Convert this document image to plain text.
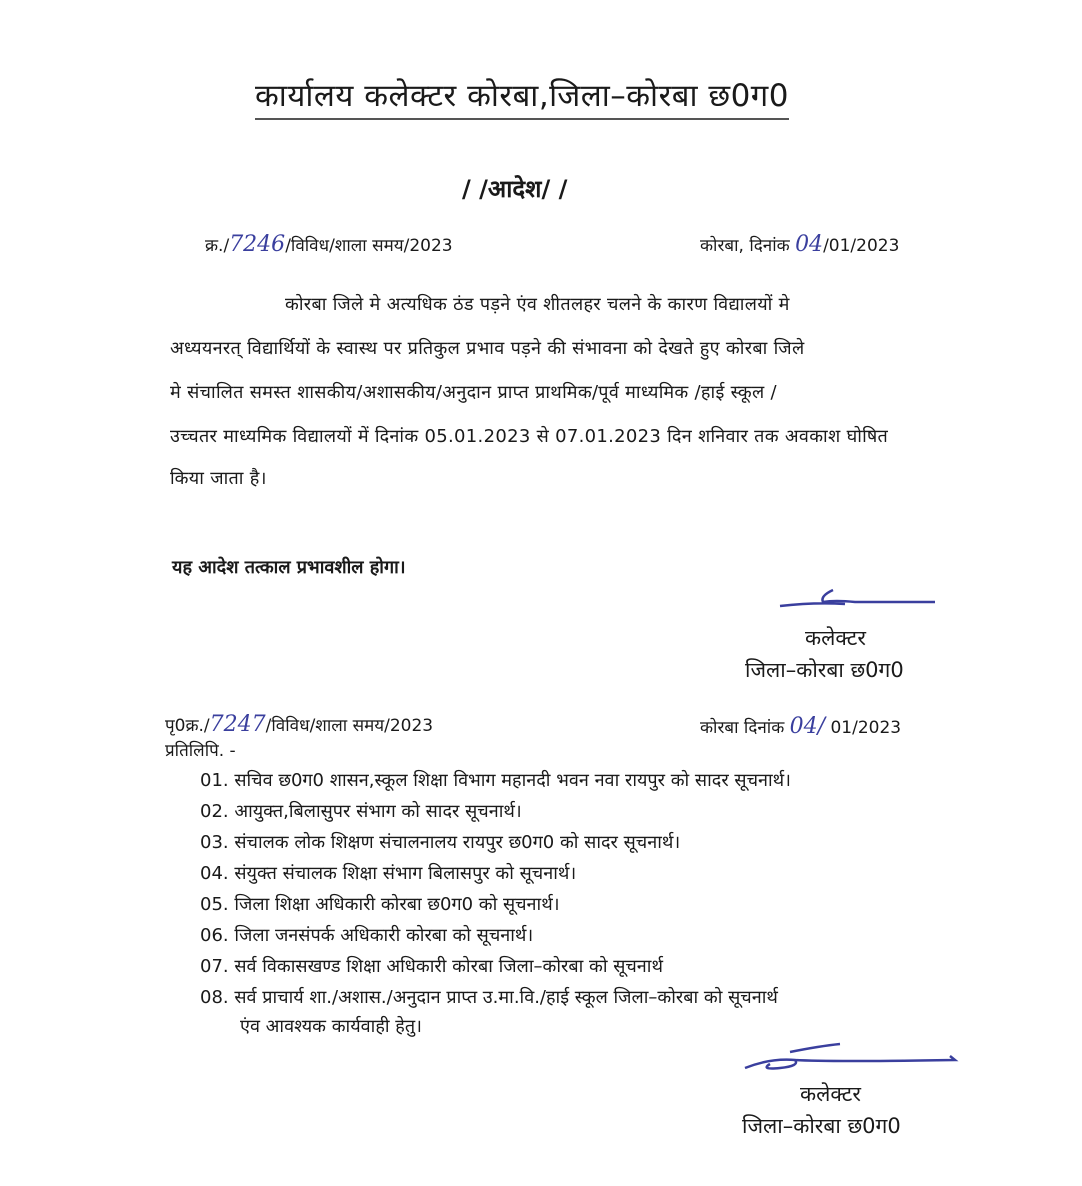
कार्यालय कलेक्टर कोरबा,जिला–कोरबा छ0ग0
/ /आदेश/ /
क्र./7246/विविध/शाला समय/2023	कोरबा, दिनांक 04/01/2023
कोरबा जिले मे अत्यधिक ठंड पड़ने एंव शीतलहर चलने के कारण विद्यालयों मे
अध्ययनरत् विद्यार्थियों के स्वास्थ पर प्रतिकुल प्रभाव पड़ने की संभावना को देखते हुए कोरबा जिले
मे संचालित समस्त शासकीय/अशासकीय/अनुदान प्राप्त प्राथमिक/पूर्व माध्यमिक /हाई स्कूल /
उच्चतर माध्यमिक विद्यालयों में दिनांक 05.01.2023 से 07.01.2023 दिन शनिवार तक अवकाश घोषित
किया जाता है।
यह आदेश तत्काल प्रभावशील होगा।
कलेक्टर
जिला–कोरबा छ0ग0
पृ0क्र./7247/विविध/शाला समय/2023	कोरबा दिनांक 04/ 01/2023
प्रतिलिपि. -
01. सचिव छ0ग0 शासन,स्कूल शिक्षा विभाग महानदी भवन नवा रायपुर को सादर सूचनार्थ।
02. आयुक्त,बिलासुपर संभाग को सादर सूचनार्थ।
03. संचालक लोक शिक्षण संचालनालय रायपुर छ0ग0 को सादर सूचनार्थ।
04. संयुक्त संचालक शिक्षा संभाग बिलासपुर को सूचनार्थ।
05. जिला शिक्षा अधिकारी कोरबा छ0ग0 को सूचनार्थ।
06. जिला जनसंपर्क अधिकारी कोरबा को सूचनार्थ।
07. सर्व विकासखण्ड शिक्षा अधिकारी कोरबा जिला–कोरबा को सूचनार्थ
08. सर्व प्राचार्य शा./अशास./अनुदान प्राप्त उ.मा.वि./हाई स्कूल जिला–कोरबा को सूचनार्थ
एंव आवश्यक कार्यवाही हेतु।
कलेक्टर
जिला–कोरबा छ0ग0
